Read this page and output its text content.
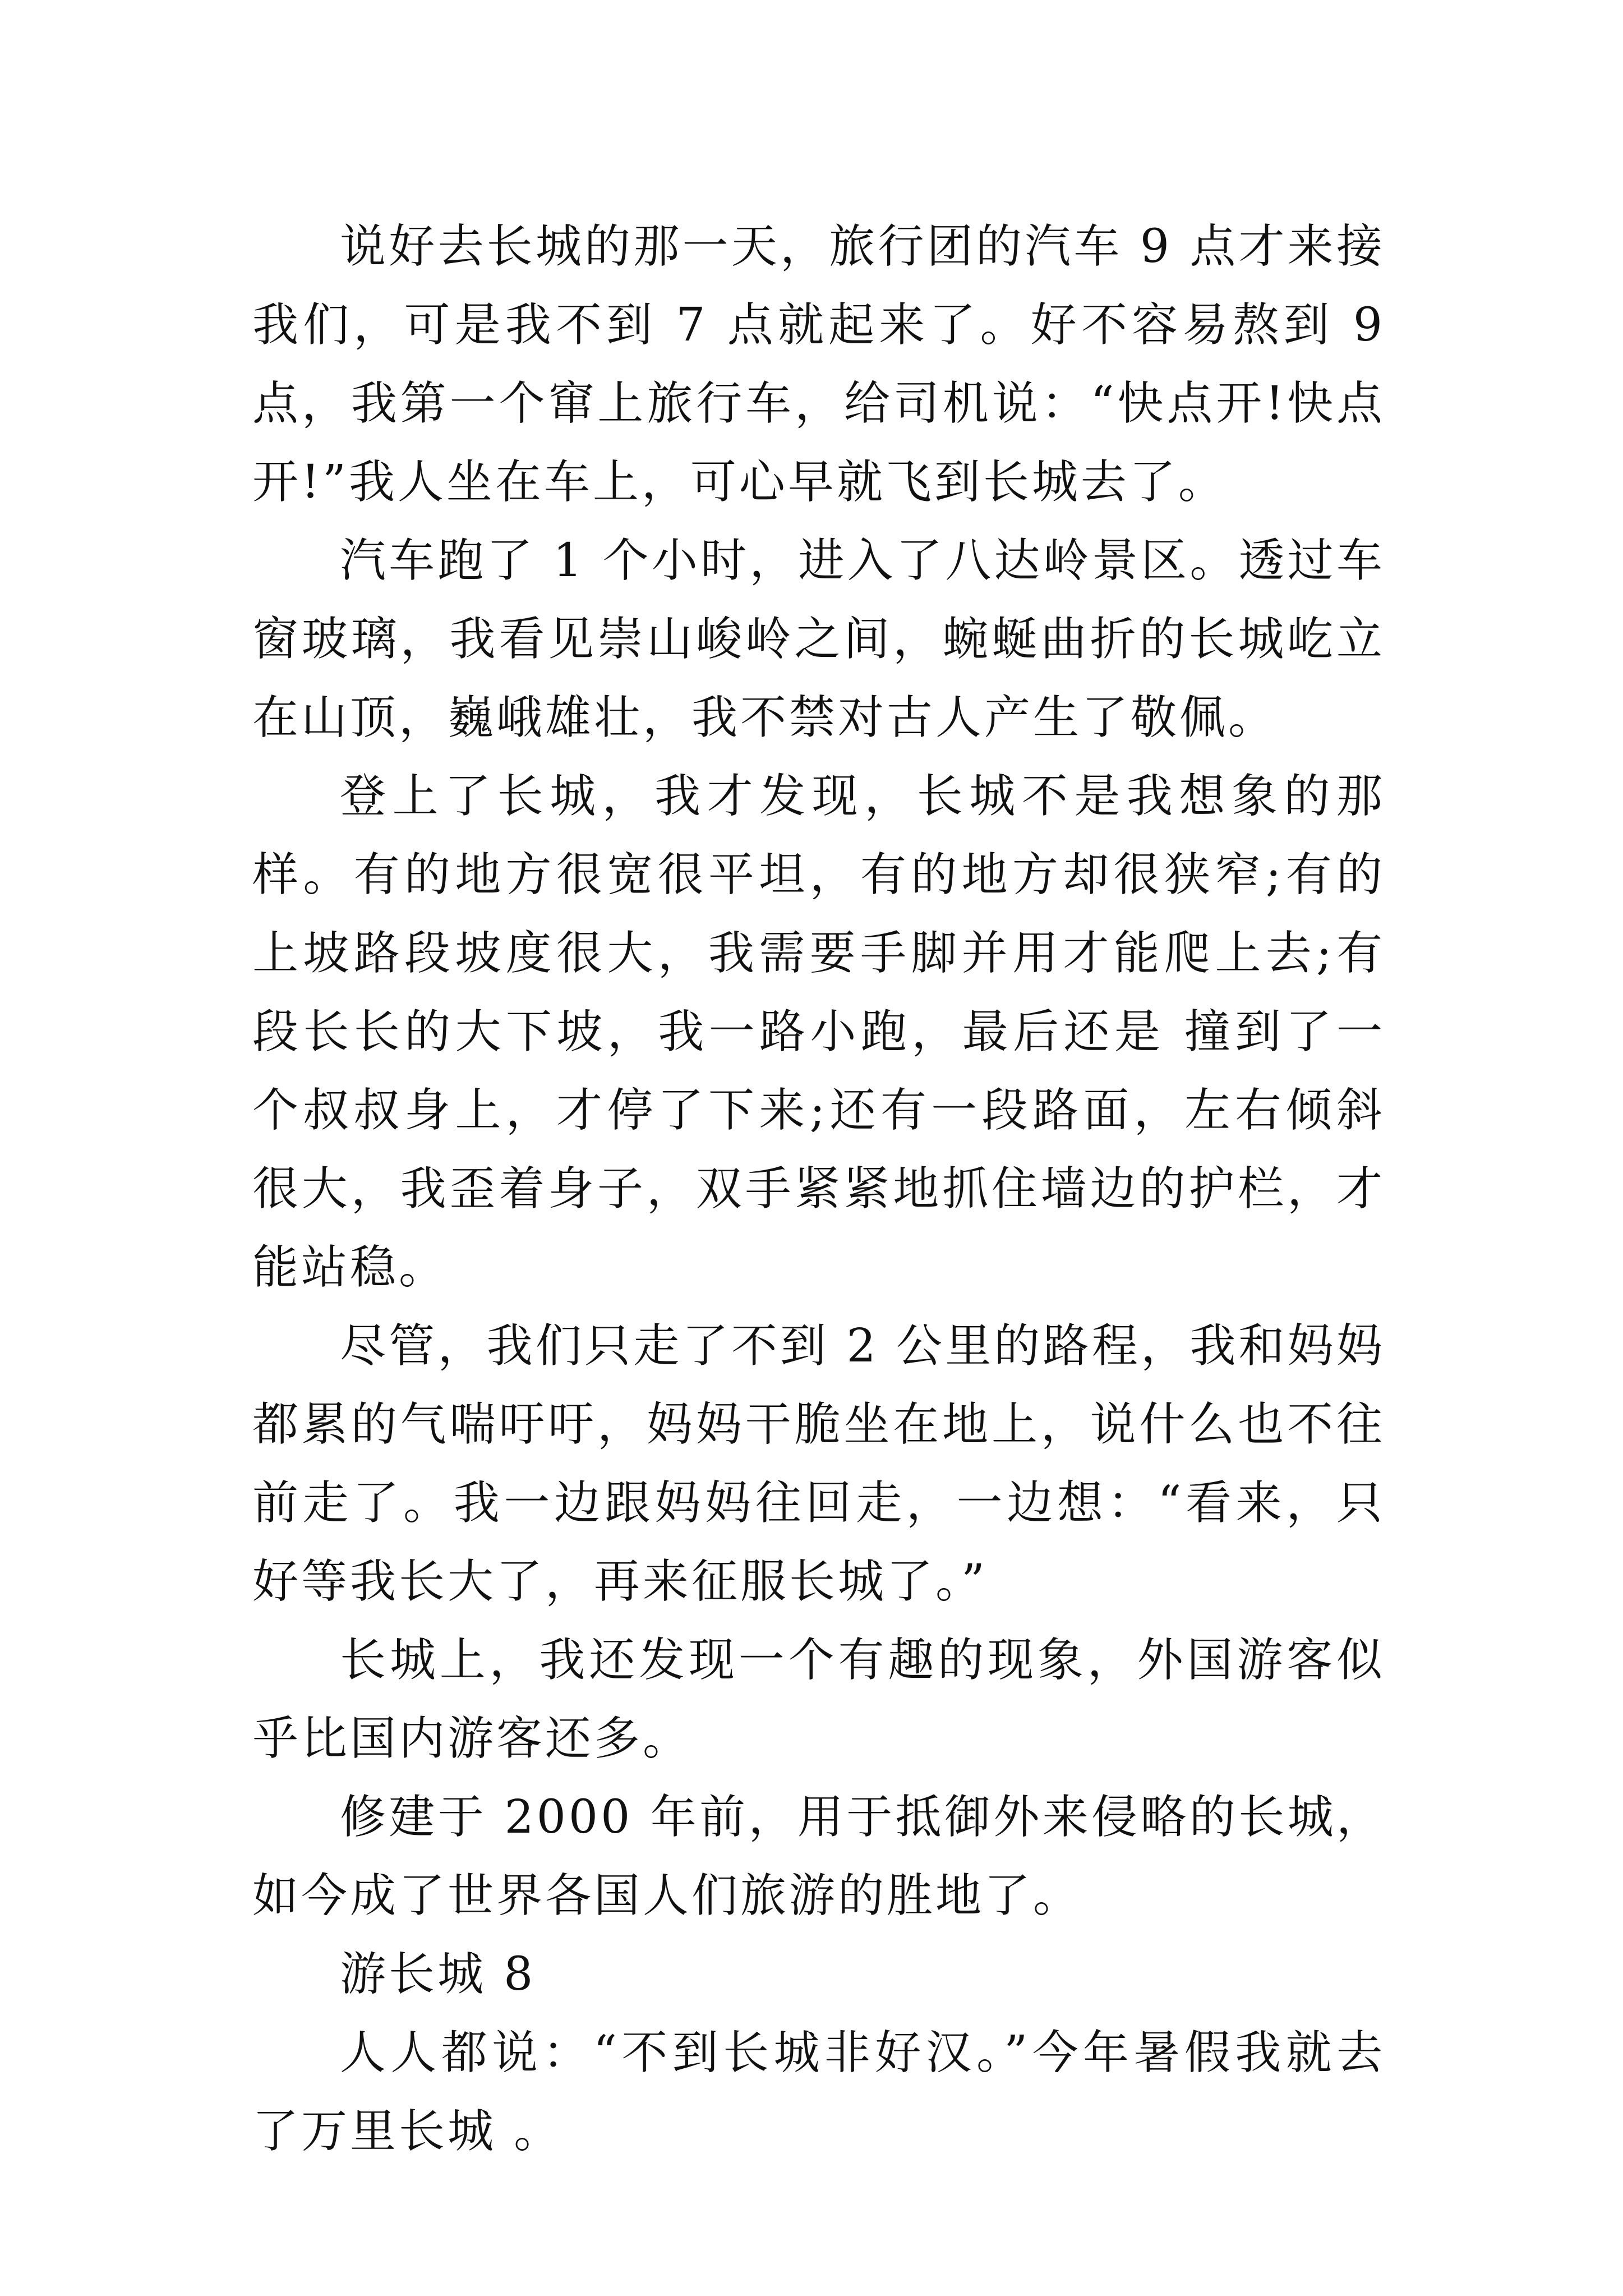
说好去长城的那一天，旅行团的汽车 9 点才来接我们，可是我不到 7 点就起来了。好不容易熬到 9 点，我第一个窜上旅行车，给司机说：“快点开!快点开!”我人坐在车上，可心早就飞到长城去了。

汽车跑了 1 个小时，进入了八达岭景区。透过车窗玻璃，我看见崇山峻岭之间，蜿蜒曲折的长城屹立在山顶，巍峨雄壮，我不禁对古人产生了敬佩。

登上了长城，我才发现，长城不是我想象的那样。有的地方很宽很平坦，有的地方却很狭窄;有的上坡路段坡度很大，我需要手脚并用才能爬上去;有段长长的大下坡，我一路小跑，最后还是 撞到了一个叔叔身上，才停了下来;还有一段路面，左右倾斜很大，我歪着身子，双手紧紧地抓住墙边的护栏，才能站稳。

尽管，我们只走了不到 2 公里的路程，我和妈妈都累的气喘吁吁，妈妈干脆坐在地上，说什么也不往前走了。我一边跟妈妈往回走，一边想：“看来，只好等我长大了，再来征服长城了。”

长城上，我还发现一个有趣的现象，外国游客似乎比国内游客还多。

修建于 2000 年前，用于抵御外来侵略的长城，如今成了世界各国人们旅游的胜地了。

游长城 8

人人都说：“不到长城非好汉。”今年暑假我就去了万里长城 。
